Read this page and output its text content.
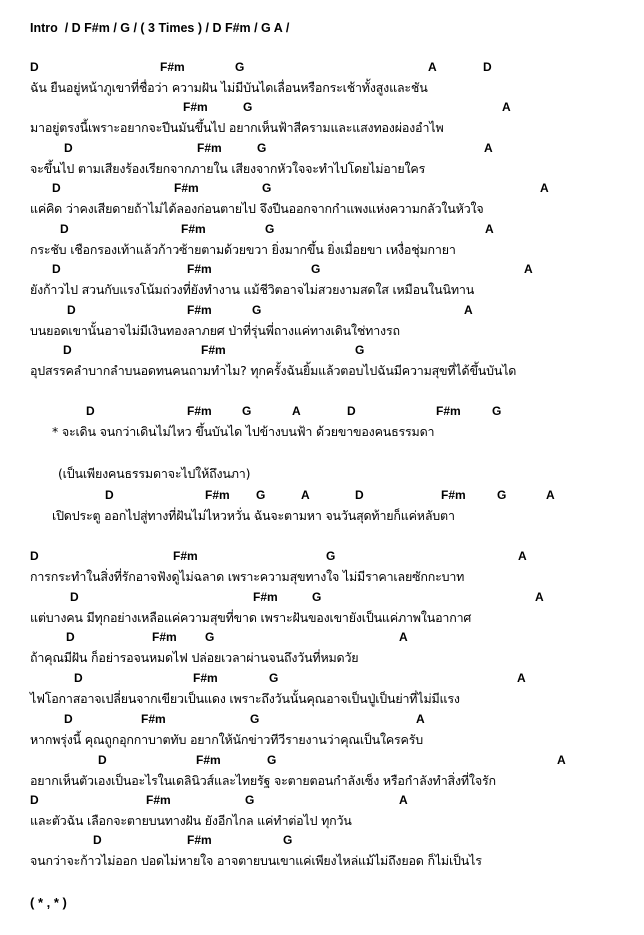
Intro  / D F#m / G / ( 3 Times ) / D F#m / G A /
D	F#m	G	A	D
ฉัน ยืนอยู่หน้าภูเขาที่ชื่อว่า ความฝัน ไม่มีบันไดเลื่อนหรือกระเช้าทั้งสูงและชัน
F#m	G	A
มาอยู่ตรงนี้เพราะอยากจะปีนมันขึ้นไป อยากเห็นฟ้าสีครามและแสงทองผ่องอำไพ
D	F#m	G	A
จะขึ้นไป ตามเสียงร้องเรียกจากภายใน เสียงจากหัวใจจะทำไปโดยไม่อายใคร
D	F#m	G	A
แค่คิด ว่าคงเสียดายถ้าไม่ได้ลองก่อนตายไป จึงปีนออกจากกำแพงแห่งความกลัวในหัวใจ
D	F#m	G	A
กระชับ เชือกรองเท้าแล้วก้าวซ้ายตามด้วยขวา ยิ่งมากขึ้น ยิ่งเมื่อยขา เหงื่อชุ่มกายา
D	F#m	G	A
ยังก้าวไป สวนกับแรงโน้มถ่วงที่ยังทำงาน แม้ชีวิตอาจไม่สวยงามสดใส เหมือนในนิทาน
D	F#m	G	A
บนยอดเขานั้นอาจไม่มีเงินทองลาภยศ ป่าที่รุ่นพี่ถางแค่ทางเดินใช่ทางรถ
D	F#m	G
อุปสรรคลำบากลำบนอดทนคนถามทำไม? ทุกครั้งฉันยิ้มแล้วตอบไปฉันมีความสุขที่ได้ขึ้นบันได
D	F#m	G	A	D	F#m	G
* จะเดิน จนกว่าเดินไม่ไหว ขึ้นบันได ไปข้างบนฟ้า ด้วยขาของคนธรรมดา
(เป็นเพียงคนธรรมดาจะไปให้ถึงนภา)
D	F#m G	A	D	F#m	G	A
เปิดประตู ออกไปสู่ทางที่ฝันไม่ไหวหวั่น ฉันจะตามหา จนวันสุดท้ายก็แค่หลับตา
D	F#m	G	A
การกระทำในสิ่งที่รักอาจฟังดูไม่ฉลาด เพราะความสุขทางใจ ไม่มีราคาเลยซักกะบาท
D	F#m	G	A
แต่บางคน มีทุกอย่างเหลือแค่ความสุขที่ขาด เพราะฝันของเขายังเป็นแค่ภาพในอากาศ
D	F#m G	A
ถ้าคุณมีฝัน ก็อย่ารอจนหมดไฟ ปล่อยเวลาผ่านจนถึงวันที่หมดวัย
D	F#m	G	A
ไฟโอกาสอาจเปลี่ยนจากเขียวเป็นแดง เพราะถึงวันนั้นคุณอาจเป็นปู่เป็นย่าที่ไม่มีแรง
D	F#m	G	A
หากพรุ่งนี้ คุณถูกอุกกาบาตทับ อยากให้นักข่าวทีวีรายงานว่าคุณเป็นใครครับ
D	F#m	G	A
อยากเห็นตัวเองเป็นอะไรในเดลินิวส์และไทยรัฐ จะตายตอนกำลังเซ็ง หรือกำลังทำสิ่งที่ใจรัก
D	F#m	G	A
และตัวฉัน เลือกจะตายบนทางฝัน ยังอีกไกล แค่ทำต่อไป ทุกวัน
D	F#m	G
จนกว่าจะก้าวไม่ออก ปอดไม่หายใจ อาจตายบนเขาแค่เพียงไหล่แม้ไม่ถึงยอด ก็ไม่เป็นไร
( * , * )
